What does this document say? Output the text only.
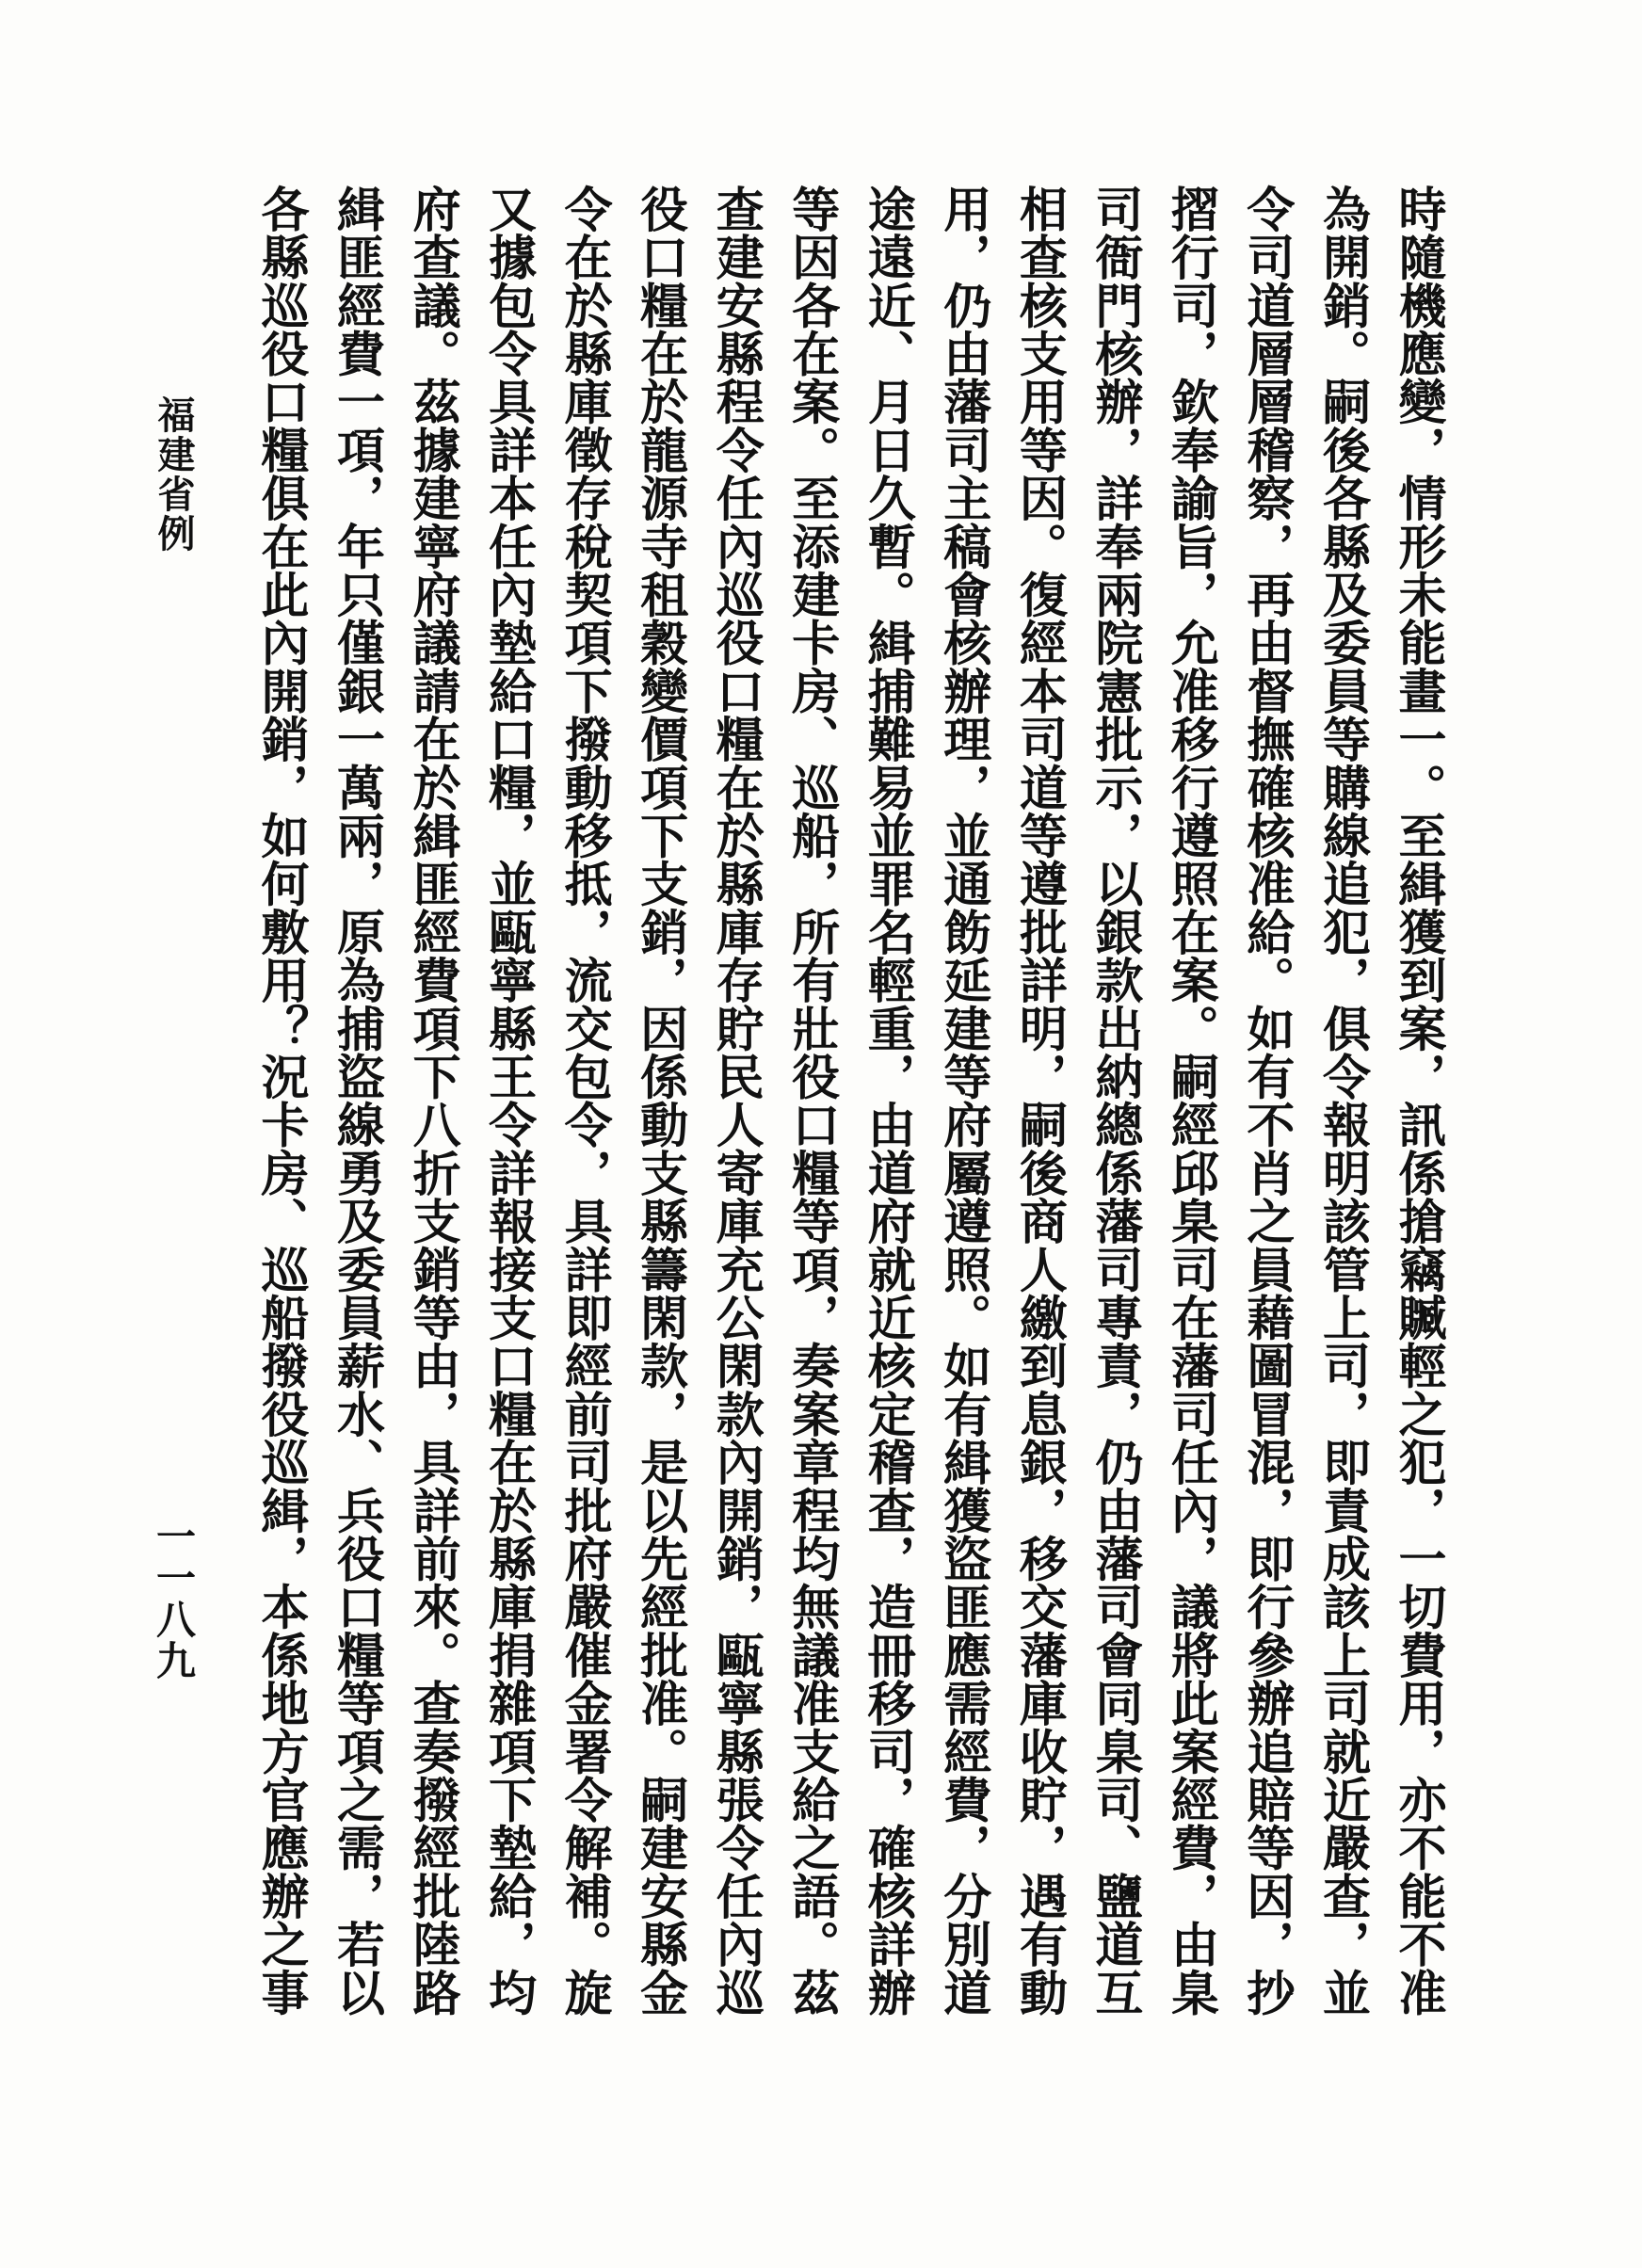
時隨機應變，情形未能畫一。至緝獲到案，訊係搶竊贓輕之犯，一切費用，亦不能不准
為開銷。嗣後各縣及委員等購線追犯，俱令報明該管上司，即責成該上司就近嚴查，並
令司道層層稽察，再由督撫確核准給。如有不肖之員藉圖冒混，即行參辦追賠等因，抄
摺行司，欽奉諭旨，允准移行遵照在案。嗣經邱臬司在藩司任內，議將此案經費，由臬
司衙門核辦，詳奉兩院憲批示，以銀款出納總係藩司專責，仍由藩司會同臬司、鹽道互
相查核支用等因。復經本司道等遵批詳明，嗣後商人繳到息銀，移交藩庫收貯，遇有動
用，仍由藩司主稿會核辦理，並通飭延建等府屬遵照。如有緝獲盜匪應需經費，分別道
途遠近、月日久暫。緝捕難易並罪名輕重，由道府就近核定稽查，造冊移司，確核詳辦
等因各在案。至添建卡房、巡船，所有壯役口糧等項，奏案章程均無議准支給之語。茲
查建安縣程令任內巡役口糧在於縣庫存貯民人寄庫充公閑款內開銷，甌寧縣張令任內巡
役口糧在於龍源寺租穀變價項下支銷，因係動支縣籌閑款，是以先經批准。嗣建安縣金
令在於縣庫徵存稅契項下撥動移抵，流交包令，具詳即經前司批府嚴催金署令解補。旋
又據包令具詳本任內墊給口糧，並甌寧縣王令詳報接支口糧在於縣庫捐雜項下墊給，均
府查議。茲據建寧府議請在於緝匪經費項下八折支銷等由，具詳前來。查奏撥經批陸路
緝匪經費一項，年只僅銀一萬兩，原為捕盜線勇及委員薪水、兵役口糧等項之需，若以
各縣巡役口糧俱在此內開銷，如何敷用？況卡房、巡船撥役巡緝，本係地方官應辦之事
福建省例
一一八九
